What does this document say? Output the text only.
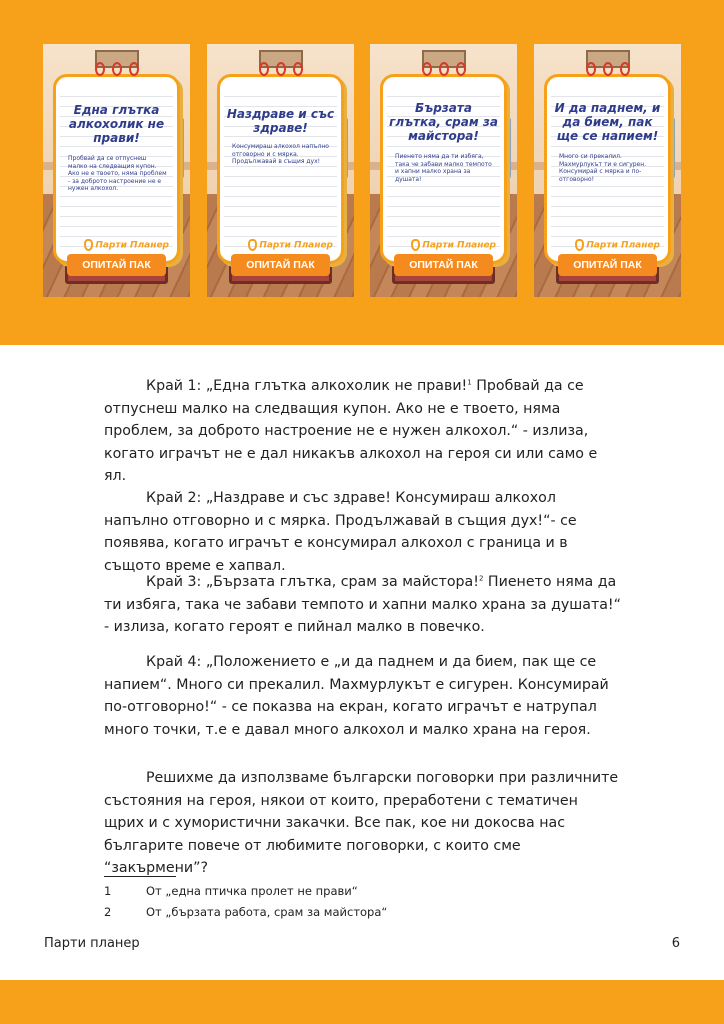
Една глътка алкохолик не прави!
Пробвай да се отпуснеш малко на следващия купон. Ако не е твоето, няма проблем - за доброто настроение не е нужен алкохол.
Парти Планер
ОПИТАЙ ПАК
Наздраве и със здраве!
Консумираш алкохол напълно отговорно и с мярка. Продължавай в същия дух!
Парти Планер
ОПИТАЙ ПАК
Бързата глътка, срам за майстора!
Пиенето няма да ти избяга, така че забави малко темпото и хапни малко храна за душата!
Парти Планер
ОПИТАЙ ПАК
И да паднем, и да бием, пак ще се напием!
Много си прекалил. Махмурлукът ти е сигурен. Консумирай с мярка и по-отговорно!
Парти Планер
ОПИТАЙ ПАК

Край 1: „Една глътка алкохолик не прави!$^1$ Пробвай да се отпуснеш малко на следващия купон. Ако не е твоето, няма проблем, за доброто настроение не е нужен алкохол.“ - излиза, когато играчът не е дал никакъв алкохол на героя си или само е ял.

Край 2: „Наздраве и със здраве! Консумираш алкохол напълно отговорно и с мярка. Продължавай в същия дух!“- се появява, когато играчът е консумирал алкохол с граница и в същото време е хапвал.

Край 3: „Бързата глътка, срам за майстора!$^2$ Пиенето няма да ти избяга, така че забави темпото и хапни малко храна за душата!“ - излиза, когато героят е пийнал малко в повечко.

Край 4: „Положението е „и да паднем и да бием, пак ще се напием“. Много си прекалил. Махмурлукът е сигурен. Консумирай по-отговорно!“ - се показва на екран, когато играчът е натрупал много точки, т.е е давал много алкохол и малко храна на героя.

Решихме да използваме български поговорки при различните състояния на героя, някои от които, преработени с тематичен щрих и с хумористични закачки. Все пак, кое ни докосва нас българите повече от любимите поговорки, с които сме “закърмени”?

1	От „една птичка пролет не прави“
2	От „бързата работа, срам за майстора“
Парти планер	6
